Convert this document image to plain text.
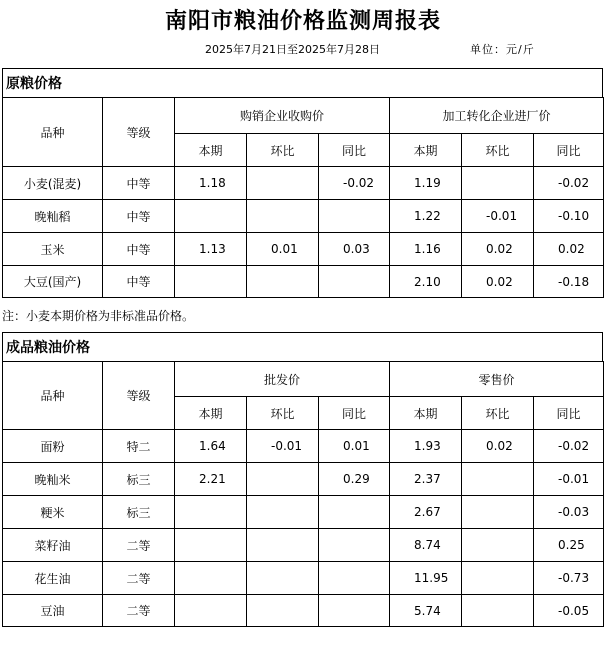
南阳市粮油价格监测周报表
2025年7月21日至2025年7月28日	单位：元/斤
原粮价格
品种	等级	购销企业收购价			加工转化企业进厂价		
		本期	环比	同比	本期	环比	同比
小麦(混麦)	中等	1.18		-0.02	1.19		-0.02
晚籼稻	中等				1.22	-0.01	-0.10
玉米	中等	1.13	0.01	0.03	1.16	0.02	0.02
大豆(国产)	中等				2.10	0.02	-0.18
注：小麦本期价格为非标准品价格。
成品粮油价格
品种	等级	批发价			零售价		
		本期	环比	同比	本期	环比	同比
面粉	特二	1.64	-0.01	0.01	1.93	0.02	-0.02
晚籼米	标三	2.21		0.29	2.37		-0.01
粳米	标三				2.67		-0.03
菜籽油	二等				8.74		0.25
花生油	二等				11.95		-0.73
豆油	二等				5.74		-0.05
